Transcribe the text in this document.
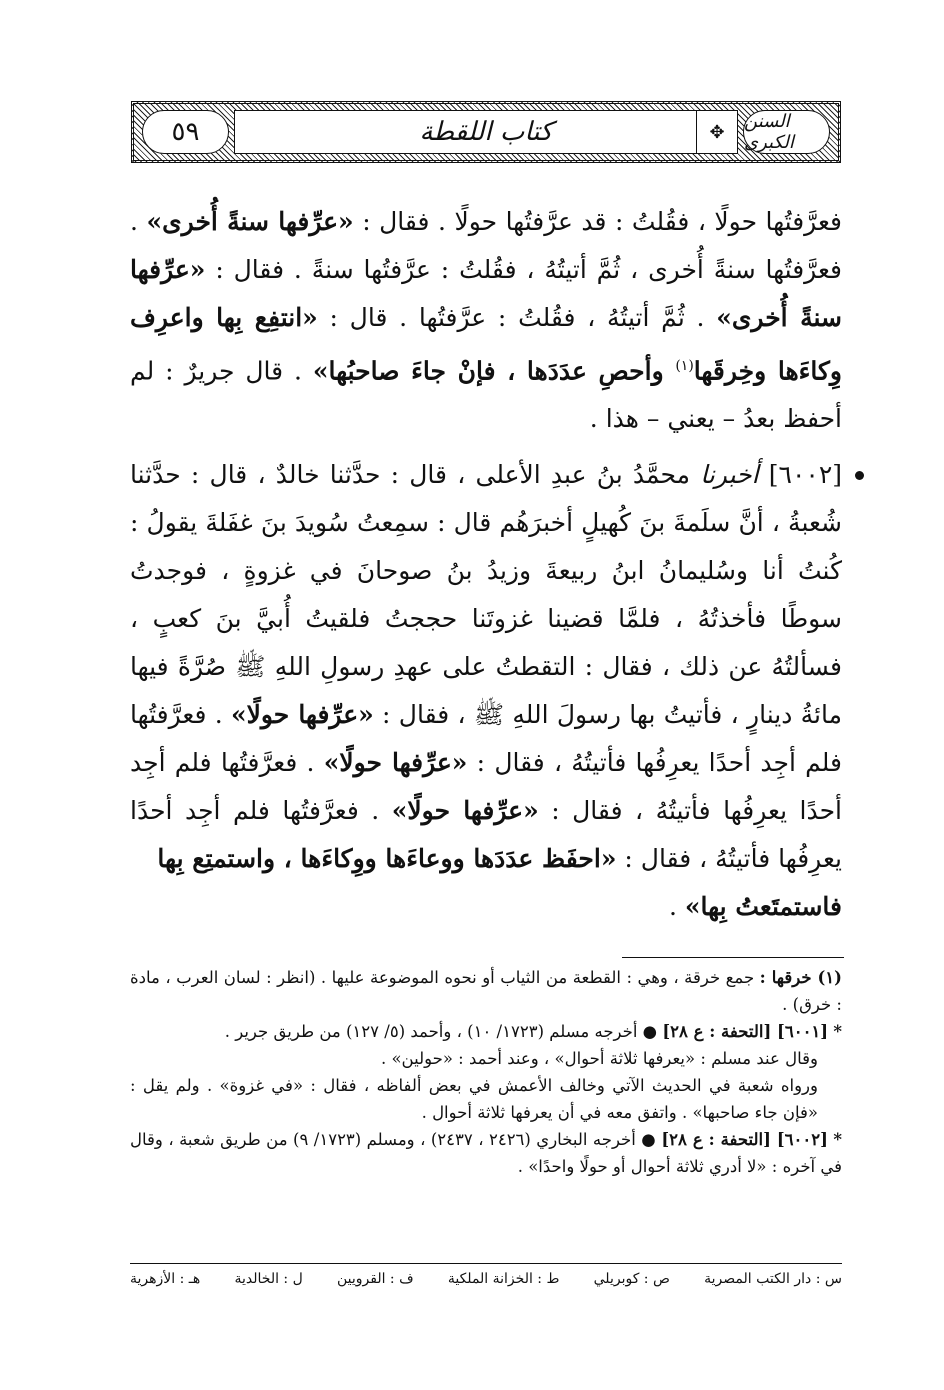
٥٩	كتاب اللقطة	✥	السنن الكبرى

فعرَّفتُها حولًا ، فقُلتُ : قد عرَّفتُها حولًا . فقال : «عرِّفها سنةً أُخرى» . فعرَّفتُها سنةً أُخرى ، ثُمَّ أتيتُهُ ، فقُلتُ : عرَّفتُها سنةً . فقال : «عرِّفها سنةً أُخرى» . ثُمَّ أتيتُهُ ، فقُلتُ : عرَّفتُها . قال : «انتفِع بِها واعرِف وِكاءَها وخِرقَها$^{(١)}$ وأحصِ عدَدَها ، فإنْ جاءَ صاحبُها» . قال جريرٌ : لم أحفظ بعدُ – يعني – هذا .

[٦٠٠٢] أخبرنا محمَّدُ بنُ عبدِ الأعلى ، قال : حدَّثنا خالدٌ ، قال : حدَّثنا شُعبةُ ، أنَّ سلَمةَ بنَ كُهيلٍ أخبرَهُم قال : سمِعتُ سُويدَ بنَ غفَلةَ يقولُ : كُنتُ أنا وسُليمانُ ابنُ ربيعةَ وزيدُ بنُ صوحانَ في غزوةٍ ، فوجدتُ سوطًا فأخذتُهُ ، فلمَّا قضينا غزوتَنا حججتُ فلقيتُ أُبيَّ بنَ كعبٍ ، فسألتُهُ عن ذلك ، فقال : التقطتُ على عهدِ رسولِ اللهِ ﷺ صُرَّةً فيها مائةُ دينارٍ ، فأتيتُ بها رسولَ اللهِ ﷺ ، فقال : «عرِّفها حولًا» . فعرَّفتُها فلم أجِد أحدًا يعرِفُها فأتيتُهُ ، فقال : «عرِّفها حولًا» . فعرَّفتُها فلم أجِد أحدًا يعرِفُها فأتيتُهُ ، فقال : «عرِّفها حولًا» . فعرَّفتُها فلم أجِد أحدًا يعرِفُها فأتيتُهُ ، فقال : «احفَظ عدَدَها ووعاءَها ووِكاءَها ، واستمتِع بِها

فاستمتَعتُ بِها» .

(١) خرقها : جمع خرقة ، وهي : القطعة من الثياب أو نحوه الموضوعة عليها . (انظر : لسان العرب ، مادة : خرق) .

* [٦٠٠١] [التحفة : ع ٢٨] ● أخرجه مسلم (١٧٢٣/ ١٠) ، وأحمد (٥/ ١٢٧) من طريق جرير .

وقال عند مسلم : «يعرفها ثلاثة أحوال» ، وعند أحمد : «حولين» .

ورواه شعبة في الحديث الآتي وخالف الأعمش في بعض ألفاظه ، فقال : «في غزوة» . ولم يقل : «فإن جاء صاحبها» . واتفق معه في أن يعرفها ثلاثة أحوال .

* [٦٠٠٢] [التحفة : ع ٢٨] ● أخرجه البخاري (٢٤٢٦ ، ٢٤٣٧) ، ومسلم (١٧٢٣/ ٩) من طريق شعبة ، وقال في آخره : «لا أدري ثلاثة أحوال أو حولًا واحدًا» .

س : دار الكتب المصرية
ص : كوبريلي
ط : الخزانة الملكية
ف : القرويين
ل : الخالدية
هـ : الأزهرية
